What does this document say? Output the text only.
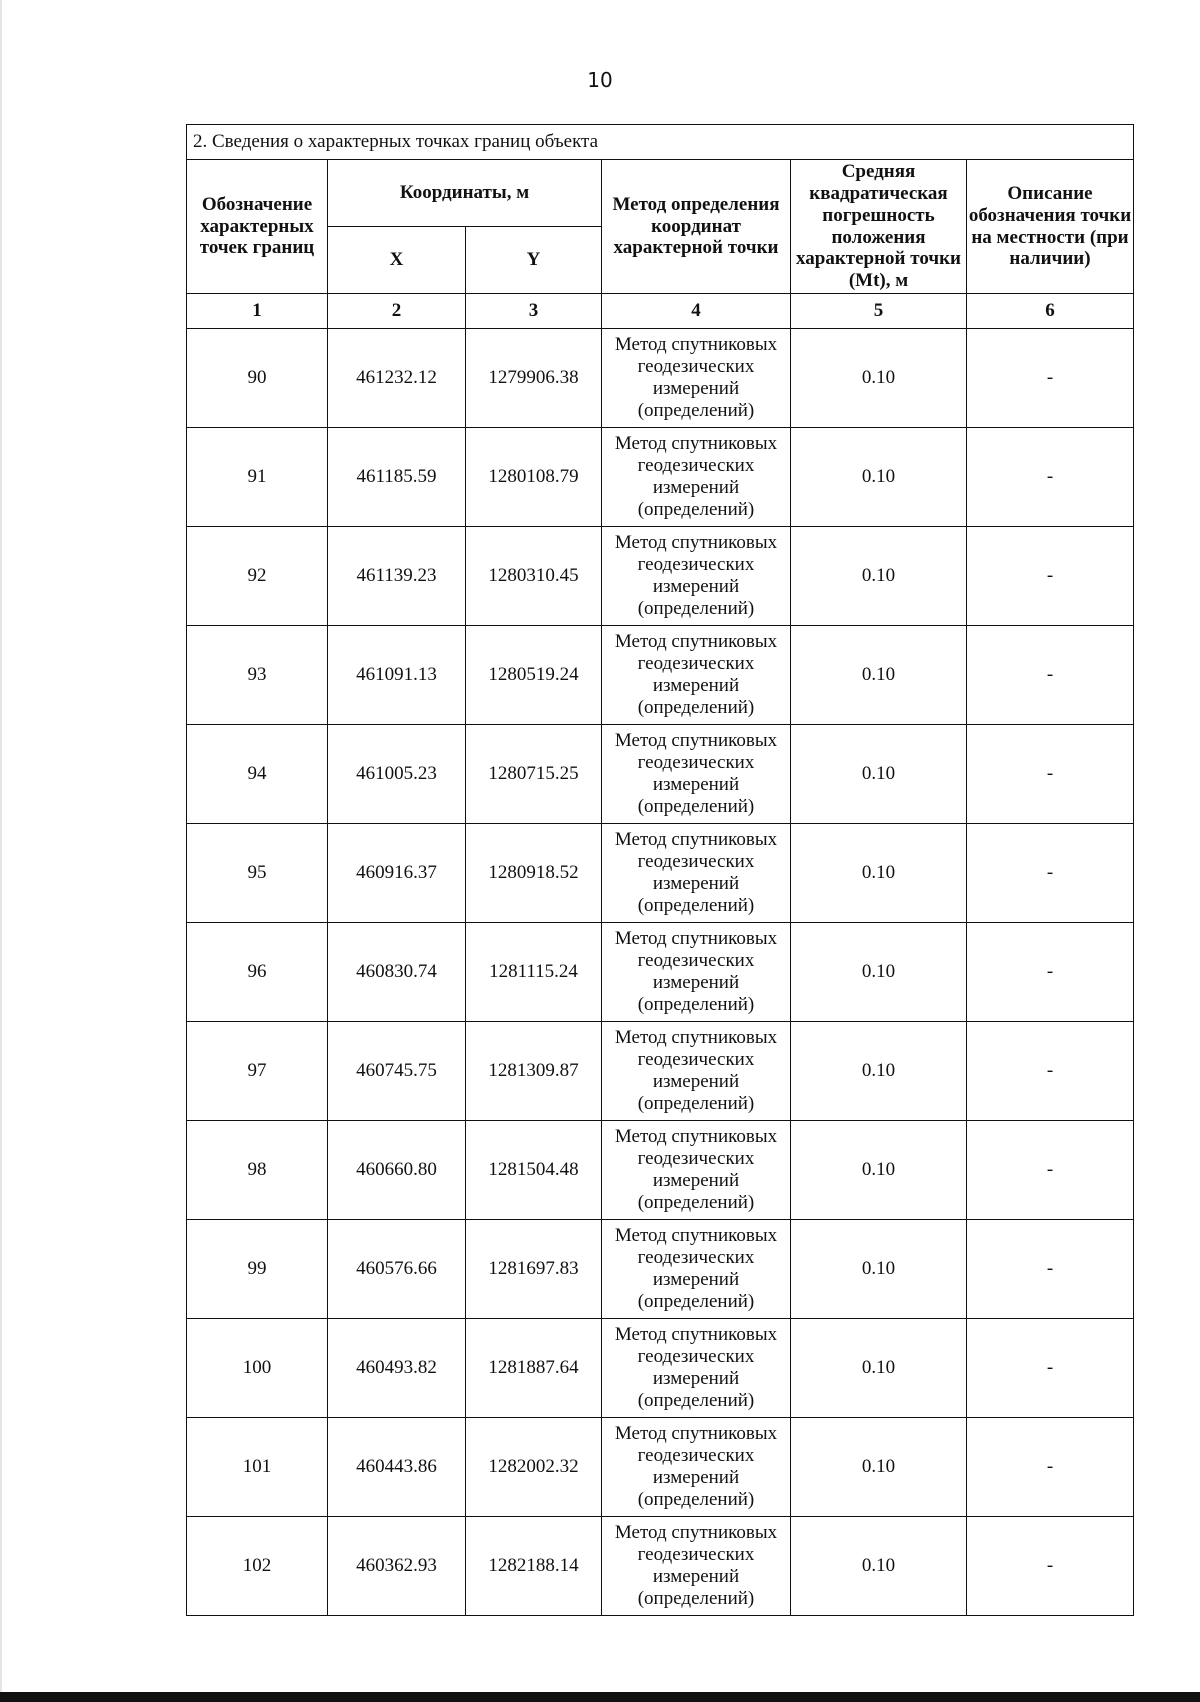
10
2. Сведения о характерных точках границ объекта					
Обозначение характерных точек границ	Координаты, м		Метод определения координат характерной точки	Средняя квадратическая погрешность положения характерной точки (Mt), м	Описание обозначения точки на местности (при наличии)
	X	Y			
1	2	3	4	5	6
90	461232.12	1279906.38	Метод спутниковых геодезических измерений (определений)	0.10	-
91	461185.59	1280108.79	Метод спутниковых геодезических измерений (определений)	0.10	-
92	461139.23	1280310.45	Метод спутниковых геодезических измерений (определений)	0.10	-
93	461091.13	1280519.24	Метод спутниковых геодезических измерений (определений)	0.10	-
94	461005.23	1280715.25	Метод спутниковых геодезических измерений (определений)	0.10	-
95	460916.37	1280918.52	Метод спутниковых геодезических измерений (определений)	0.10	-
96	460830.74	1281115.24	Метод спутниковых геодезических измерений (определений)	0.10	-
97	460745.75	1281309.87	Метод спутниковых геодезических измерений (определений)	0.10	-
98	460660.80	1281504.48	Метод спутниковых геодезических измерений (определений)	0.10	-
99	460576.66	1281697.83	Метод спутниковых геодезических измерений (определений)	0.10	-
100	460493.82	1281887.64	Метод спутниковых геодезических измерений (определений)	0.10	-
101	460443.86	1282002.32	Метод спутниковых геодезических измерений (определений)	0.10	-
102	460362.93	1282188.14	Метод спутниковых геодезических измерений (определений)	0.10	-
